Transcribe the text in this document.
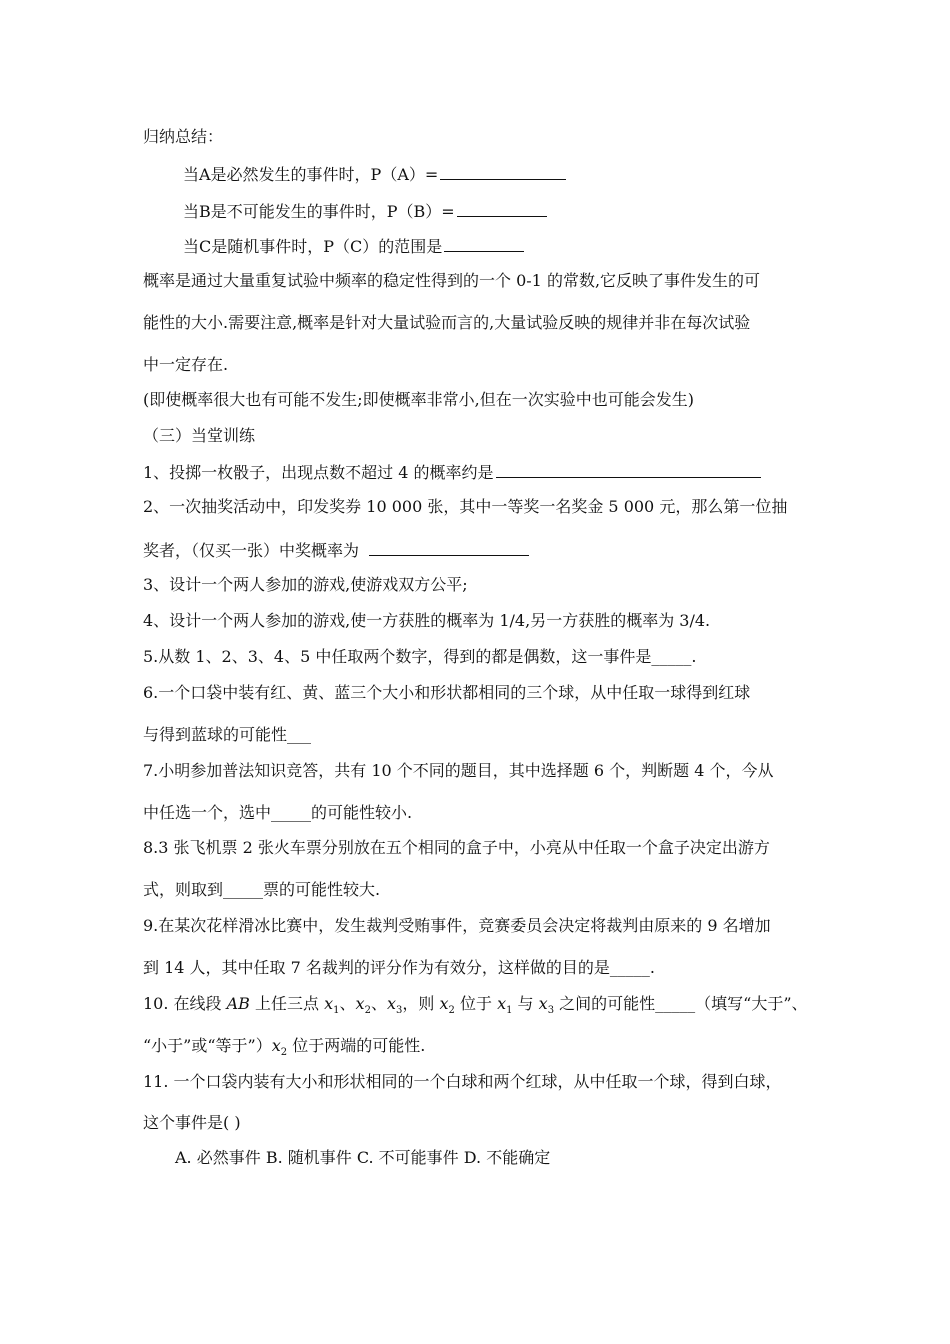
归纳总结：
当A是必然发生的事件时，P（A）=
当B是不可能发生的事件时，P（B）=
当C是随机事件时，P（C）的范围是
概率是通过大量重复试验中频率的稳定性得到的一个 0-1 的常数,它反映了事件发生的可
能性的大小.需要注意,概率是针对大量试验而言的,大量试验反映的规律并非在每次试验
中一定存在.
(即使概率很大也有可能不发生;即使概率非常小,但在一次实验中也可能会发生)
（三）当堂训练
1、投掷一枚骰子，出现点数不超过 4 的概率约是
2、一次抽奖活动中，印发奖券 10 000 张，其中一等奖一名奖金 5 000 元，那么第一位抽
奖者，（仅买一张）中奖概率为
3、设计一个两人参加的游戏,使游戏双方公平;
4、设计一个两人参加的游戏,使一方获胜的概率为 1/4,另一方获胜的概率为 3/4.
5.从数 1、2、3、4、5 中任取两个数字，得到的都是偶数，这一事件是_____.
6.一个口袋中装有红、黄、蓝三个大小和形状都相同的三个球，从中任取一球得到红球
与得到蓝球的可能性___
7.小明参加普法知识竞答，共有 10 个不同的题目，其中选择题 6 个，判断题 4 个，今从
中任选一个，选中_____的可能性较小.
8.3 张飞机票 2 张火车票分别放在五个相同的盒子中，小亮从中任取一个盒子决定出游方
式，则取到_____票的可能性较大.
9.在某次花样滑冰比赛中，发生裁判受贿事件，竞赛委员会决定将裁判由原来的 9 名增加
到 14 人，其中任取 7 名裁判的评分作为有效分，这样做的目的是_____.
10. 在线段 AB 上任三点 $x_1$、$x_2$、$x_3$，则 $x_2$ 位于 $x_1$ 与 $x_3$ 之间的可能性_____（填写“大于”、
“小于”或“等于$”)x_2$ 位于两端的可能性.
11. 一个口袋内装有大小和形状相同的一个白球和两个红球，从中任取一个球，得到白球，
这个事件是( )
A. 必然事件 B. 随机事件 C. 不可能事件 D. 不能确定
